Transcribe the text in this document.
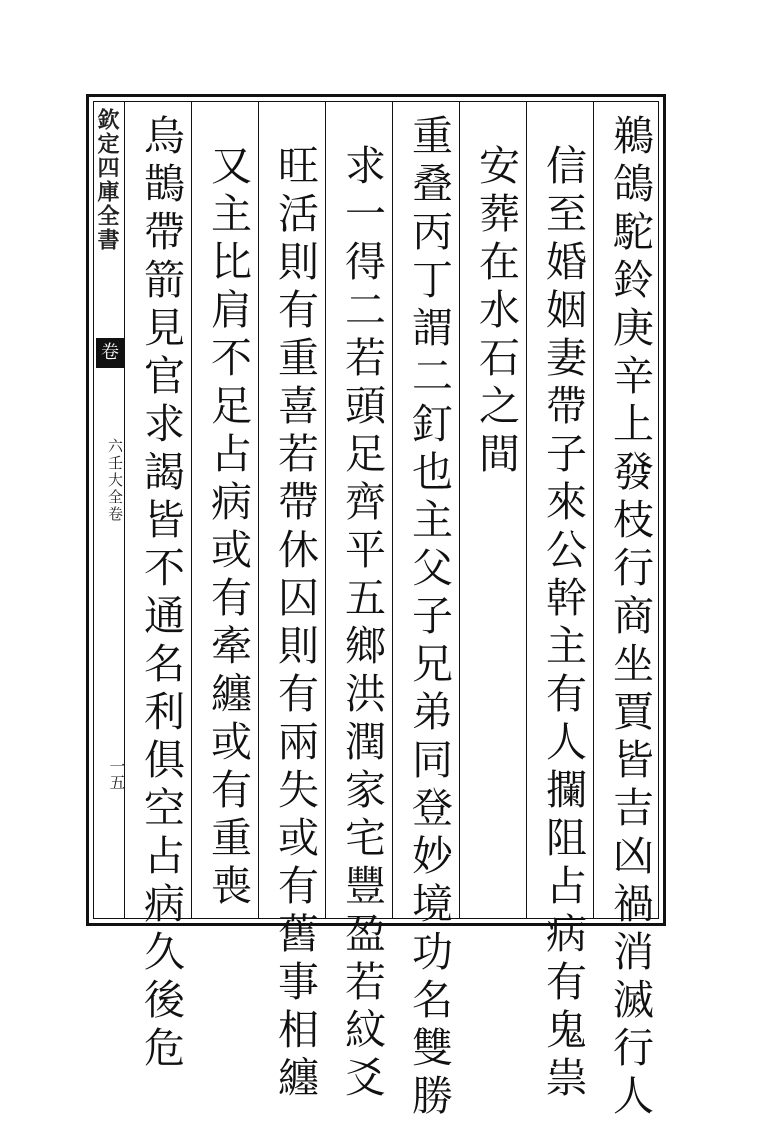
欽定四庫全書
卷
六壬大全卷
一五	鵜鴿駝鈴庚辛上發枝行商坐賈皆吉凶禍消滅行人
信至婚姻妻帶子來公幹主有人攔阻占病有鬼祟
安葬在水石之間
重叠丙丁謂二釘也主父子兄弟同登妙境功名雙勝
求一得二若頭足齊平五鄉洪潤家宅豐盈若紋爻
旺活則有重喜若帶休囚則有兩失或有舊事相纏
又主比肩不足占病或有牽纏或有重喪
烏鵲帶箭見官求謁皆不通名利俱空占病久後危
